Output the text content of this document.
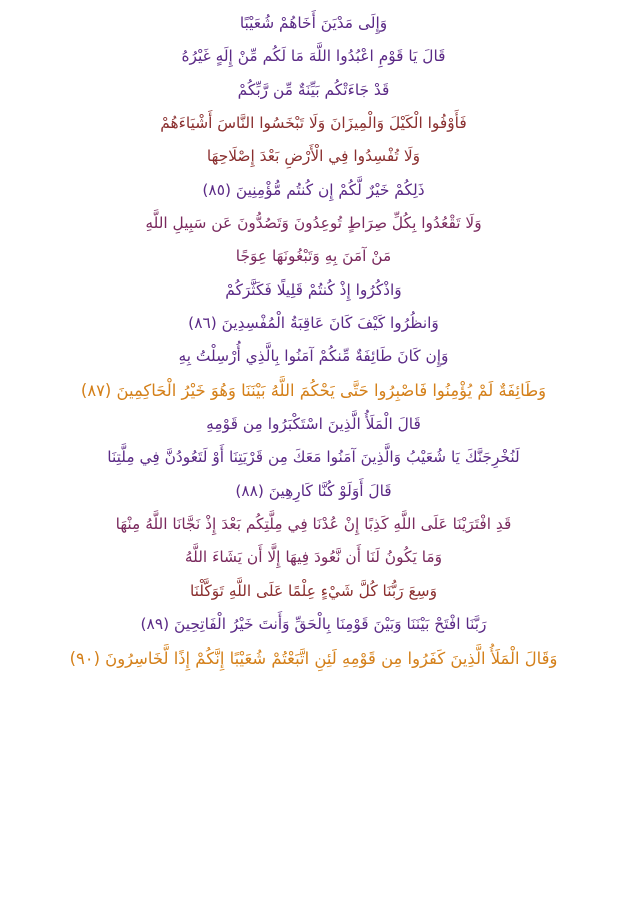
وَإِلَى مَدْيَنَ أَخَاهُمْ شُعَيْبًا
قَالَ يَا قَوْمِ اعْبُدُوا اللَّهَ مَا لَكُم مِّنْ إِلَهٍ غَيْرُهُ
قَدْ جَاءَتْكُم بَيِّنَةٌ مِّن رَّبِّكُمْ
فَأَوْفُوا الْكَيْلَ وَالْمِيزَانَ وَلَا تَبْخَسُوا النَّاسَ أَشْيَاءَهُمْ
وَلَا تُفْسِدُوا فِي الْأَرْضِ بَعْدَ إِصْلَاحِهَا
ذَلِكُمْ خَيْرٌ لَّكُمْ إِن كُنتُم مُّؤْمِنِينَ (٨٥)
وَلَا تَقْعُدُوا بِكُلِّ صِرَاطٍ تُوعِدُونَ وَتَصُدُّونَ عَن سَبِيلِ اللَّهِ
مَنْ آمَنَ بِهِ وَتَبْغُونَهَا عِوَجًا
وَاذْكُرُوا إِذْ كُنتُمْ قَلِيلًا فَكَثَّرَكُمْ
وَانظُرُوا كَيْفَ كَانَ عَاقِبَةُ الْمُفْسِدِينَ (٨٦)
وَإِن كَانَ طَائِفَةٌ مِّنكُمْ آمَنُوا بِالَّذِي أُرْسِلْتُ بِهِ
وَطَائِفَةٌ لَمْ يُؤْمِنُوا فَاصْبِرُوا حَتَّى يَحْكُمَ اللَّهُ بَيْنَنَا وَهُوَ خَيْرُ الْحَاكِمِينَ (٨٧)
قَالَ الْمَلَأُ الَّذِينَ اسْتَكْبَرُوا مِن قَوْمِهِ
لَنُخْرِجَنَّكَ يَا شُعَيْبُ وَالَّذِينَ آمَنُوا مَعَكَ مِن قَرْيَتِنَا أَوْ لَتَعُودُنَّ فِي مِلَّتِنَا
قَالَ أَوَلَوْ كُنَّا كَارِهِينَ (٨٨)
قَدِ افْتَرَيْنَا عَلَى اللَّهِ كَذِبًا إِنْ عُدْنَا فِي مِلَّتِكُم بَعْدَ إِذْ نَجَّانَا اللَّهُ مِنْهَا
وَمَا يَكُونُ لَنَا أَن نَّعُودَ فِيهَا إِلَّا أَن يَشَاءَ اللَّهُ
وَسِعَ رَبُّنَا كُلَّ شَيْءٍ عِلْمًا عَلَى اللَّهِ تَوَكَّلْنَا
رَبَّنَا افْتَحْ بَيْنَنَا وَبَيْنَ قَوْمِنَا بِالْحَقِّ وَأَنتَ خَيْرُ الْفَاتِحِينَ (٨٩)
وَقَالَ الْمَلَأُ الَّذِينَ كَفَرُوا مِن قَوْمِهِ لَئِنِ اتَّبَعْتُمْ شُعَيْبًا إِنَّكُمْ إِذًا لَّخَاسِرُونَ (٩٠)
